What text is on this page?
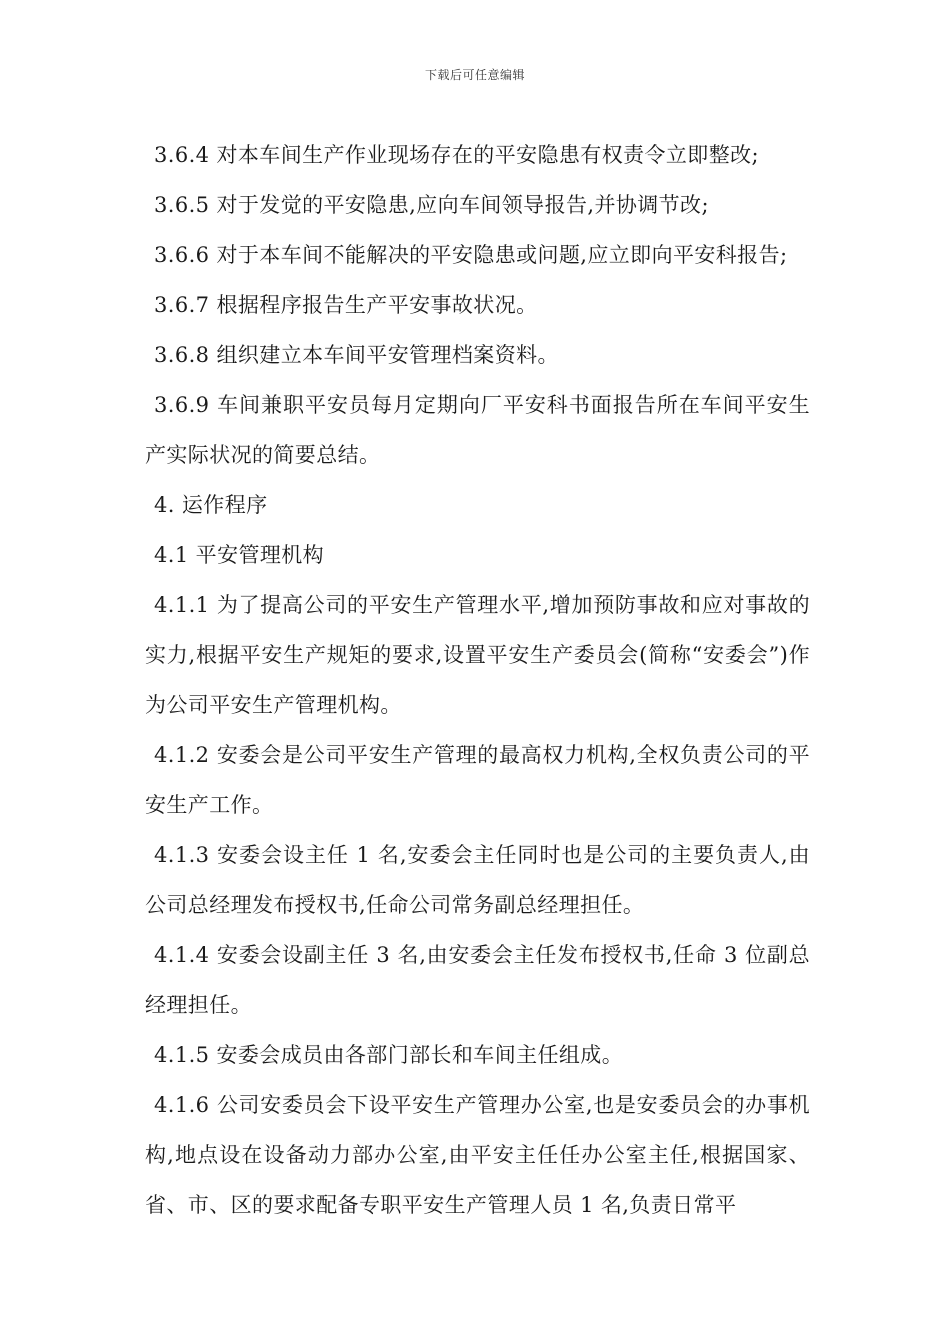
下载后可任意编辑

3.6.4 对本车间生产作业现场存在的平安隐患有权责令立即整改;

3.6.5 对于发觉的平安隐患,应向车间领导报告,并协调节改;

3.6.6 对于本车间不能解决的平安隐患或问题,应立即向平安科报告;

3.6.7 根据程序报告生产平安事故状况。

3.6.8 组织建立本车间平安管理档案资料。

3.6.9 车间兼职平安员每月定期向厂平安科书面报告所在车间平安生产实际状况的简要总结。

4. 运作程序

4.1 平安管理机构

4.1.1 为了提高公司的平安生产管理水平,增加预防事故和应对事故的实力,根据平安生产规矩的要求,设置平安生产委员会(简称“安委会”)作为公司平安生产管理机构。

4.1.2 安委会是公司平安生产管理的最高权力机构,全权负责公司的平安生产工作。

4.1.3 安委会设主任 1 名,安委会主任同时也是公司的主要负责人,由公司总经理发布授权书,任命公司常务副总经理担任。

4.1.4 安委会设副主任 3 名,由安委会主任发布授权书,任命 3 位副总经理担任。

4.1.5 安委会成员由各部门部长和车间主任组成。

4.1.6 公司安委员会下设平安生产管理办公室,也是安委员会的办事机构,地点设在设备动力部办公室,由平安主任任办公室主任,根据国家、省、市、区的要求配备专职平安生产管理人员 1 名,负责日常平
